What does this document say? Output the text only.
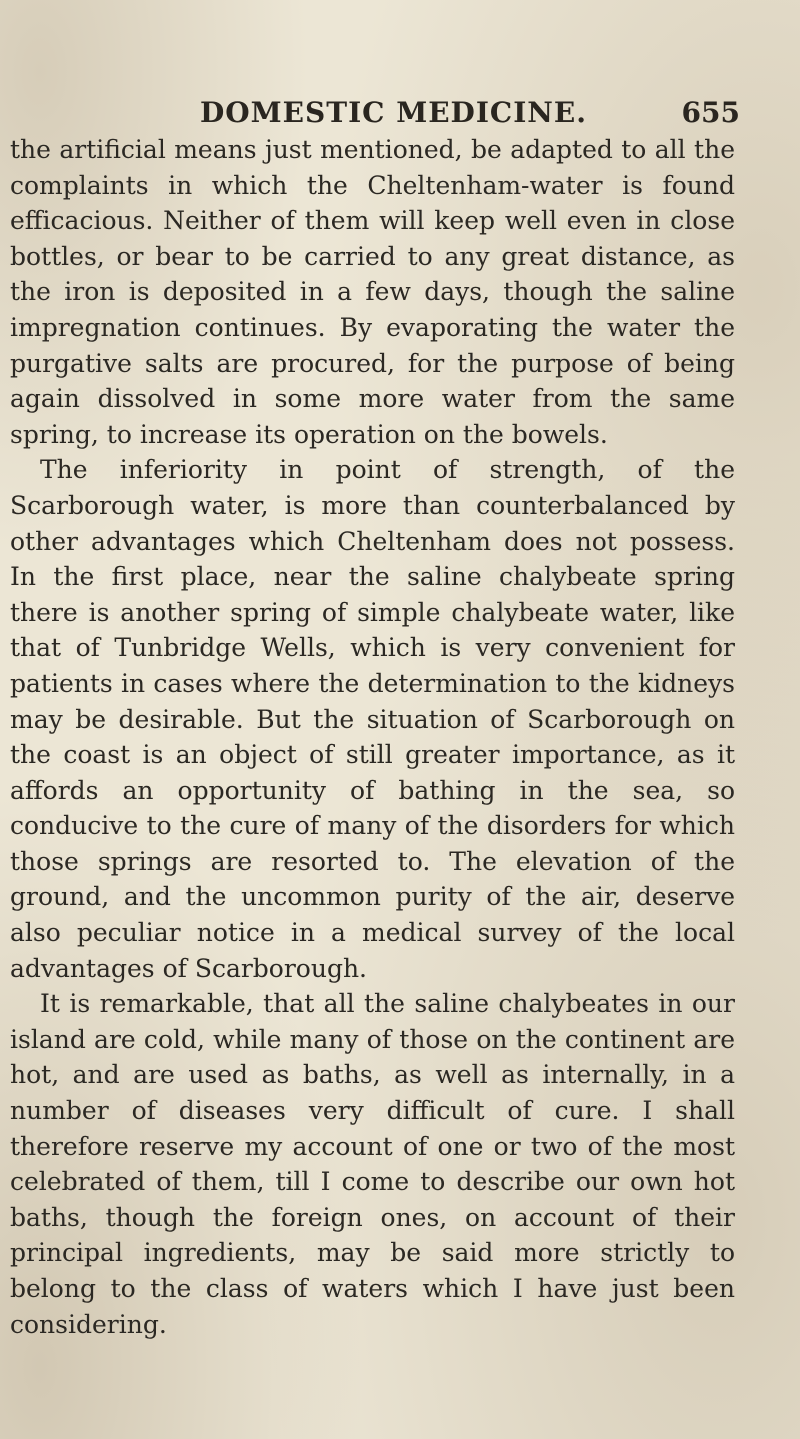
DOMESTIC MEDICINE.	655

the artificial means just mentioned, be adapted to all the complaints in which the Cheltenham-water is found efficacious. Neither of them will keep well even in close bottles, or bear to be carried to any great distance, as the iron is deposited in a few days, though the saline impregnation continues. By evaporating the water the purgative salts are procured, for the purpose of being again dissolved in some more water from the same spring, to increase its operation on the bowels.

The inferiority in point of strength, of the Scarborough water, is more than counterbalanced by other advantages which Cheltenham does not possess. In the first place, near the saline chalybeate spring there is another spring of simple chalybeate water, like that of Tunbridge Wells, which is very convenient for patients in cases where the determination to the kidneys may be desirable. But the situation of Scarborough on the coast is an object of still greater importance, as it affords an opportunity of bathing in the sea, so conducive to the cure of many of the disorders for which those springs are resorted to. The elevation of the ground, and the uncommon purity of the air, deserve also peculiar notice in a medical survey of the local advantages of Scarborough.

It is remarkable, that all the saline chalybeates in our island are cold, while many of those on the continent are hot, and are used as baths, as well as internally, in a number of diseases very difficult of cure. I shall therefore reserve my account of one or two of the most celebrated of them, till I come to describe our own hot baths, though the foreign ones, on account of their principal ingredients, may be said more strictly to belong to the class of waters which I have just been considering.
